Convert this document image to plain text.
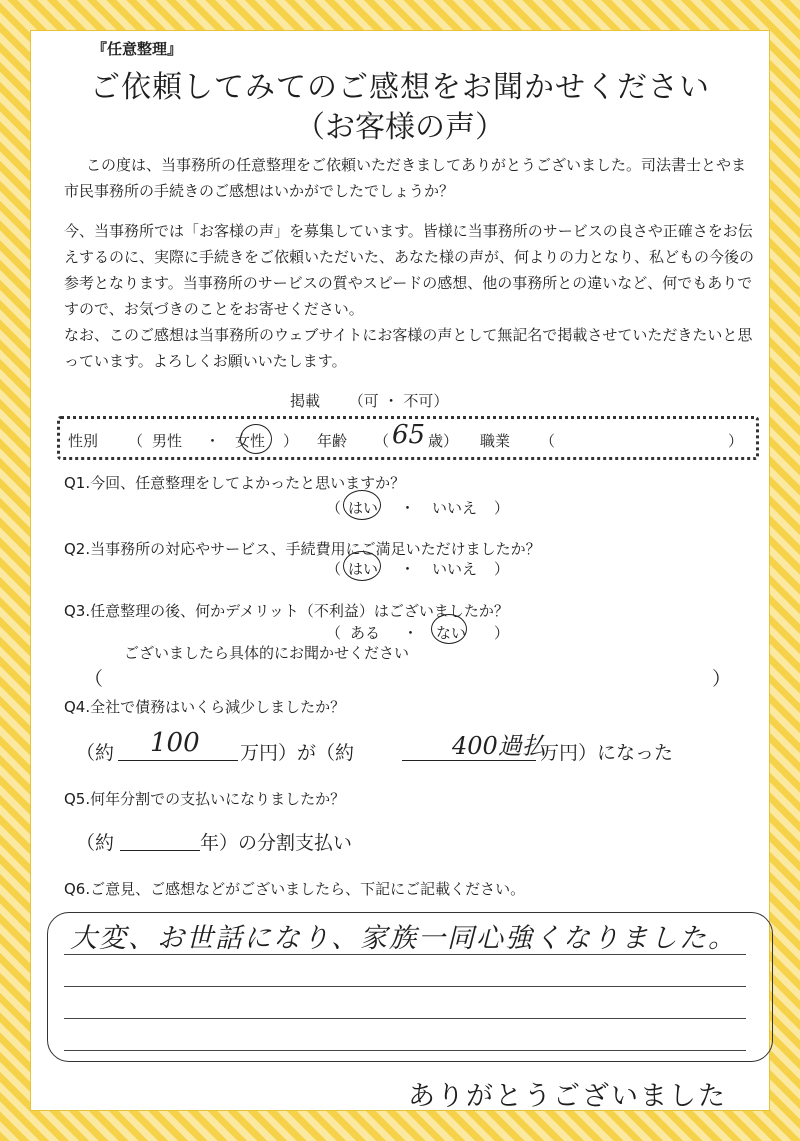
『任意整理』
ご依頼してみてのご感想をお聞かせください
（お客様の声）
この度は、当事務所の任意整理をご依頼いただきましてありがとうございました。司法書士とやま市民事務所の手続きのご感想はいかがでしたでしょうか？
今、当事務所では「お客様の声」を募集しています。皆様に当事務所のサービスの良さや正確さをお伝えするのに、実際に手続きをご依頼いただいた、あなた様の声が、何よりの力となり、私どもの今後の参考となります。当事務所のサービスの質やスピードの感想、他の事務所との違いなど、何でもありですので、お気づきのことをお寄せください。
なお、このご感想は当事務所のウェブサイトにお客様の声として無記名で掲載させていただきたいと思っています。よろしくお願いいたします。
掲載 （可 ・ 不可）
性別 （ 男性 ・ 女性 ） 年齢 （ 65 歳） 職業 （	）
Q1.今回、任意整理をしてよかったと思いますか？
（ はい ・ いいえ ）
Q2.当事務所の対応やサービス、手続費用にご満足いただけましたか？
（ はい ・ いいえ ）
Q3.任意整理の後、何かデメリット（不利益）はございましたか？
（ ある ・ ない ）
ございましたら具体的にお聞かせください
（	）
Q4.全社で債務はいくら減少しましたか？
（約 100 万円）が（約	400過払
万円）になった
Q5.何年分割での支払いになりましたか？
（約	年）の分割支払い
Q6.ご意見、ご感想などがございましたら、下記にご記載ください。
大変、お世話になり、家族一同心強くなりました。
ありがとうございました
